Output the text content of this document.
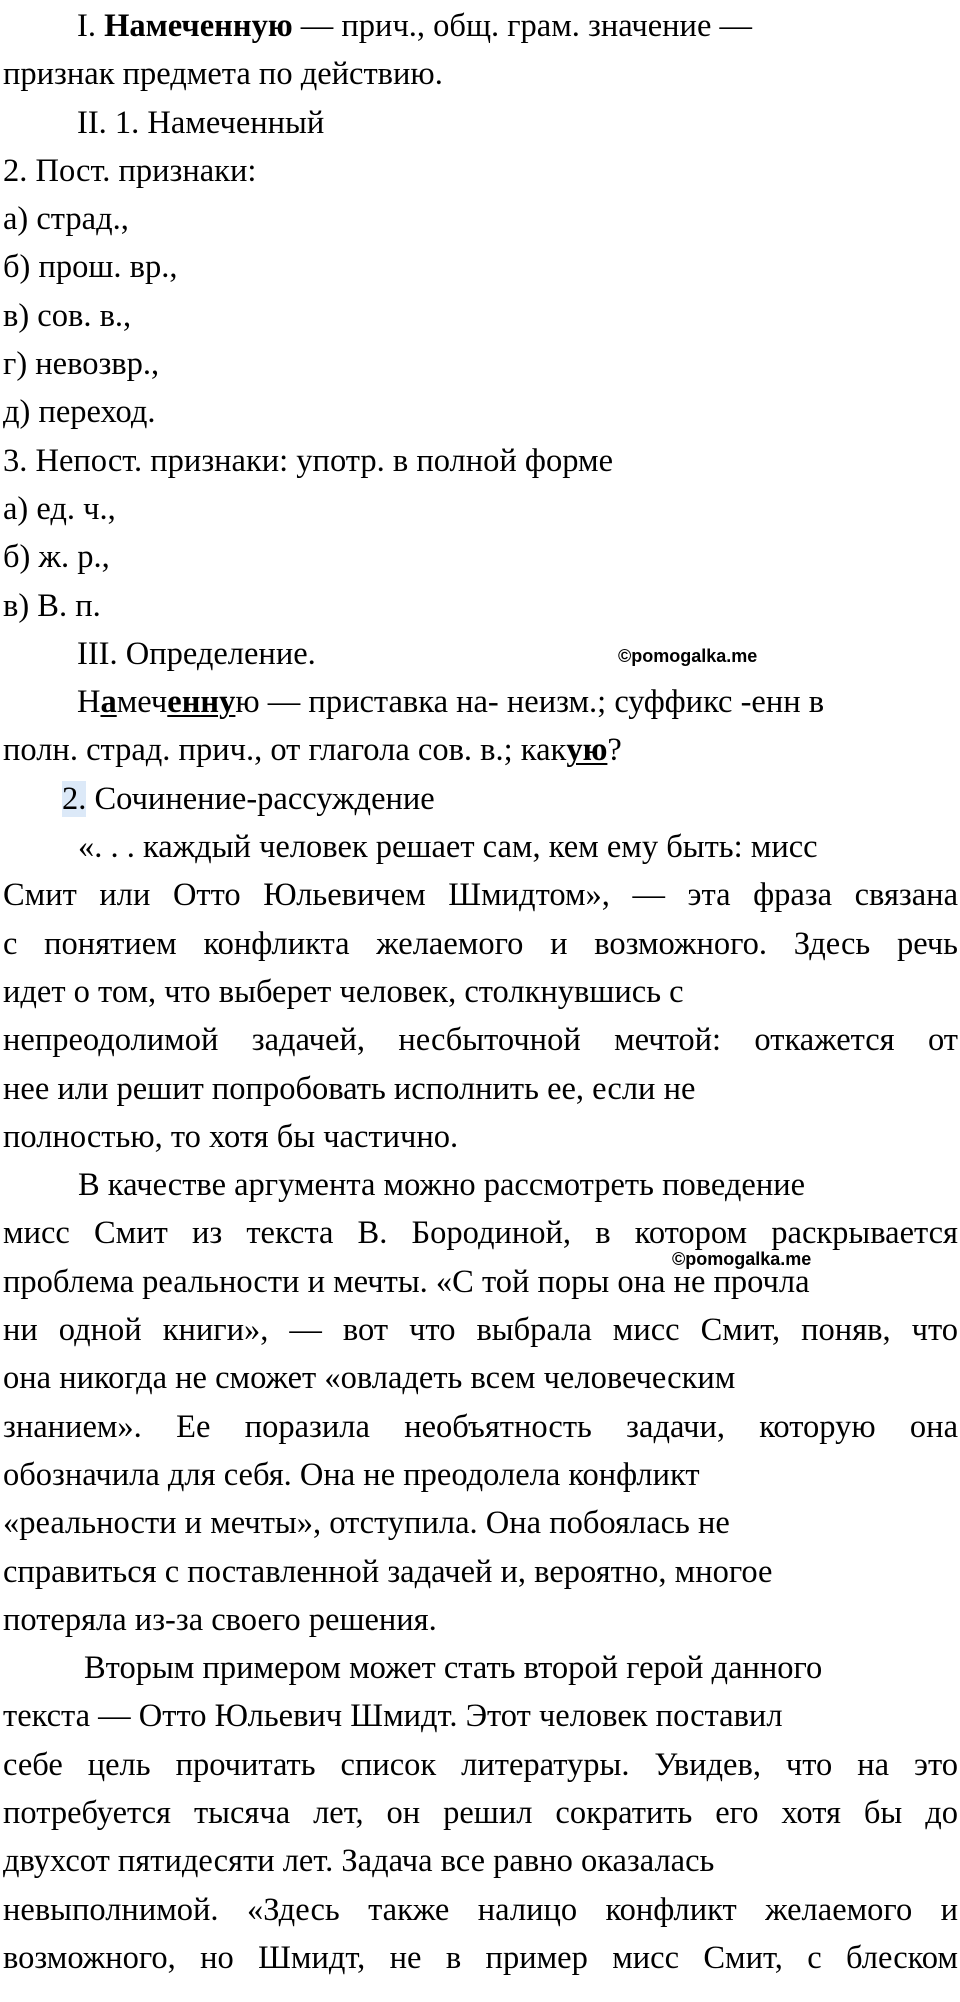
I. Намеченную — прич., общ. грам. значение —
признак предмета по действию.
II. 1. Намеченный
2. Пост. признаки:
а) страд.,
б) прош. вр.,
в) сов. в.,
г) невозвр.,
д) переход.
3. Непост. признаки: употр. в полной форме
а) ед. ч.,
б) ж. р.,
в) В. п.
III. Определение.	©pomogalka.me
Намеченную — приставка на- неизм.; суффикс -енн в
полн. страд. прич., от глагола сов. в.; какую?
2. Сочинение-рассуждение
«. . . каждый человек решает сам, кем ему быть: мисс
Смит или Отто Юльевичем Шмидтом», — эта фраза связана
с понятием конфликта желаемого и возможного. Здесь речь
идет о том, что выберет человек, столкнувшись с
непреодолимой задачей, несбыточной мечтой: откажется от
нее или решит попробовать исполнить ее, если не
полностью, то хотя бы частично.
В качестве аргумента можно рассмотреть поведение
мисс Смит из текста В. Бородиной, в котором раскрывается
проблема реальности и мечты. «С той поры она не прочла
©pomogalka.me
ни одной книги», — вот что выбрала мисс Смит, поняв, что
она никогда не сможет «овладеть всем человеческим
знанием». Ее поразила необъятность задачи, которую она
обозначила для себя. Она не преодолела конфликт
«реальности и мечты», отступила. Она побоялась не
справиться с поставленной задачей и, вероятно, многое
потеряла из-за своего решения.
Вторым примером может стать второй герой данного
текста — Отто Юльевич Шмидт. Этот человек поставил
себе цель прочитать список литературы. Увидев, что на это
потребуется тысяча лет, он решил сократить его хотя бы до
двухсот пятидесяти лет. Задача все равно оказалась
невыполнимой. «Здесь также налицо конфликт желаемого и
возможного, но Шмидт, не в пример мисс Смит, с блеском
